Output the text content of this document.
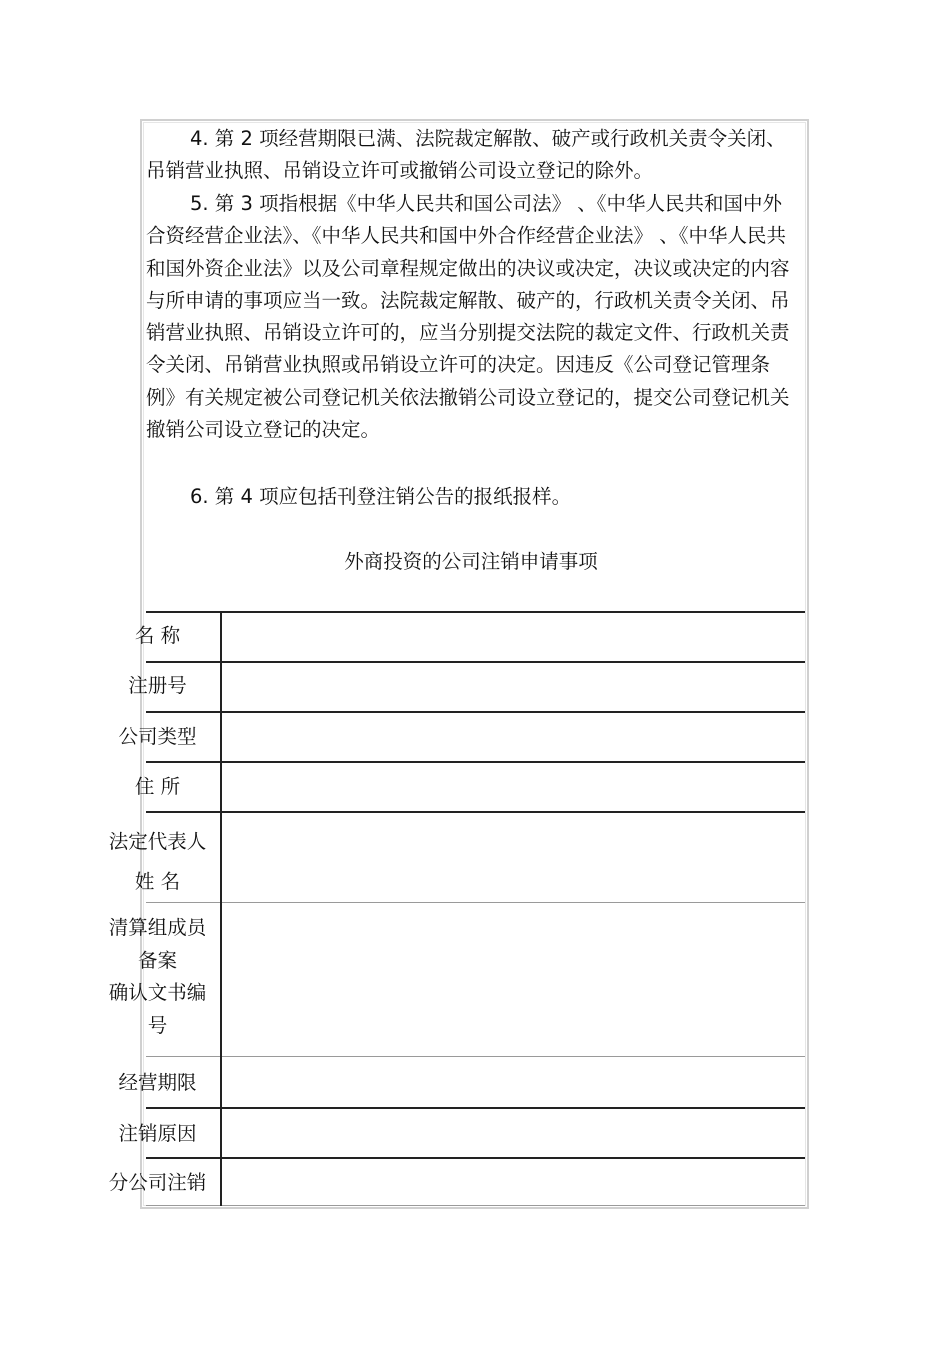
4. 第 2 项经营期限已满、法院裁定解散、破产或行政机关责令关闭、吊销营业执照、吊销设立许可或撤销公司设立登记的除外。

5. 第 3 项指根据《中华人民共和国公司法》 、《中华人民共和国中外合资经营企业法》、《中华人民共和国中外合作经营企业法》 、《中华人民共和国外资企业法》以及公司章程规定做出的决议或决定，决议或决定的内容与所申请的事项应当一致。法院裁定解散、破产的，行政机关责令关闭、吊销营业执照、吊销设立许可的，应当分别提交法院的裁定文件、行政机关责令关闭、吊销营业执照或吊销设立许可的决定。因违反《公司登记管理条例》有关规定被公司登记机关依法撤销公司设立登记的，提交公司登记机关撤销公司设立登记的决定。

6. 第 4 项应包括刊登注销公告的报纸报样。

外商投资的公司注销申请事项
名 称
注册号
公司类型
住 所
法定代表人
姓 名
清算组成员
备案
确认文书编
号
经营期限
注销原因
分公司注销
